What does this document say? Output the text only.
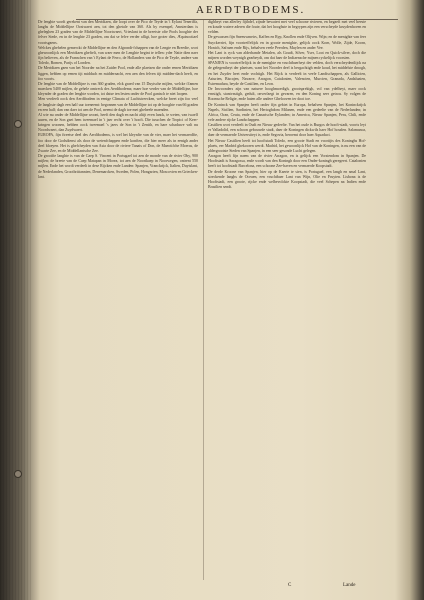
AERDTBODEMS.
De lenghte wordt gerekent van den Meridiaen, die loopt over de Pico de Teyde in 't Eylant Teneriffa, langhs de Middellijne Oostwaert aen, tot den ghetale van 360. Als by exempel, Amsterdam is gheleghen 23 graden van de Middellijne Noortwaert, Vrieslant in de breetste ofte Pools hooghte der felver Stede, en in de lenghte 23 graden, om dat se felve verder afligt, hoe groter dies, Æquinoctiael voortsgaens.
Welckes ghehelen gemerckt de Middellijne en den Afgrondt-fchappen van de Lengte en Breedte, wort ghewoonlijck een Meridiaen gheftelt, van waer men de Lenghte begint te tellen: yder Natie dien naer fijn believen, als de Franschen van 't Eylant de Ferro, de Hollanders van de Pico de Teyde, andere van Toledo, Romen, Parijs of Londen.
De Meridiaen gaen van het Noorder na het Zuider Pool, ende alle plaetsen die onder eenen Meridiaen liggen, hebben op eenen tijt middach en middernacht, een aen den felven tijt midden-dach heeft, en foo voorts.
De lenghte van de Middellijne is van 360 graden, elck graed van 15 Duytsche mijlen, welcke t'famen maecken 5400 mijlen, de gehele omtreck des Aerdtbodems; maer hoe verder van de Middellijne, hoe kleynder de graden der lenghte worden, tot datse ten lesten onder de Pool gantsch te niet loopen.
Men verdeelt oock den Aerdtbodem in eenige Climata of Luchtstreecken, welcke breet zijn foo veel de langhste dagh een half uur toeneemt: begonnen van de Middellijne tot op de hooghte van 66 graden en een half; dan van daer tot aen de Pool, neemt de dagh toe met gheheele maenden.
Al wie nu onder de Middellijne woont, heeft den dagh en nacht altijt even lanck, te weten, van twaelf uuren, en de Son gaet hem tweemael in 't jaer recht over 't hooft. Die tusschen de Tropici of Keer-kringen woonen, hebben oock tweemael 's jaers de Son in 't Zenith, en hare schaduwe valt nu Noordwaert, dan Zuydwaert.
EUROPA, fijn ftreetse deel des Aerdtbodems, is wel het kleynfte van de vier, maer het vermaerdfte, foo door de Godsdienst als door de wetenfchappen ende konften, die hier meer als in eenigh ander deel bloeyen. Het is ghefcheyden van Asia door de riviere Tanais of Don, de Maeotifche Moeras, de Zwarte Zee, en de Middellantsche Zee.
De grootfte langhte is van de Caep S. Vincent in Portugael tot aen de monde van de rivier Oby, 900 mijlen; de breete van de Caep Matapan in Morea, tot aen de Noortkaep in Noorwegen, ontrent 550 mijlen. Ende het wordt verdeelt in dese Rijcken ende Landen: Spanjen, Vranckrijck, Italien, Duytslant, de Nederlanden, Grootbrittannien, Denemarcken, Sweden, Polen, Hongarien, Moscovien en Griecken-lant.
dighheyt van allerley fijthdel, zijnde bewatert met veel schoone rivieren, en begaeft met veel beeste en koude watere aderen die foute, dat het hooghste in begrypen zijn een verscheyde kruydenhoven en velden.
De gewassen fijn Sneeuwmeirs, Kaffen en Ryp, Knollen ende Olijven. Wijn; en de menighte van feer Suyckerriet, fijn voortreffelijck en in groote menighte, gelijck oock Korn, Wolle, Zijde, Koorn, Honich, Safraen ende Rijs, behalven veele Peerden, Muylen en ander Vee.
Het Lant is ryck van alderhande Metalen, als Goudt, Silver, Yser, Loot en Quick-silver, doch die mijnen worden weynigh gearbeydt, om dat haer de Indiaensche mijnen ryckelijck voorsien.
SPANJEN is voortreffelijck in de menighte en vruchtbaerheyt der velden, doch verscheydentlijck na de gelegentheyt der plaetsen, want het Noorder deel is bergachtigh ende koud, het middelste droogh, en het Zuyder heet ende vochtigh. Het Rijck is verdeelt in veele Landtschappen, als Gallicien, Asturien, Biscajen, Navarre, Arragon, Catalonien, Valencien, Murcien, Granada, Andaluzien, Estremadura, beyde de Castilien, en Leon.
De Inwoonders zijn van natuere hooghmoedigh, grootsprekigh, vol van ydelheyt, maer oock ernstigh, stantvastigh, gedult, onverfaegt in gevaren, en den Koning seer getrou. Sy volgen de Roomsche Religie, ende haten alle andere Ghelooven ter doot toe.
De Koninck van Spanjen heeft onder fijn gebiet in Europa, behalven Spanjen, het Koninckrijck Napels, Sicilien, Sardinien, het Hertoghdom Milanen, ende een gedeelte van de Nederlanden; in Africa, Oran, Ceuta, ende de Canarische Eylanden; in America, Nieuw Spanjen, Peru, Chili, ende vele andere rijcke Landschappen.
Castilien wort verdeelt in Oudt en Nieuw gedeelte. Van het oude is Burgos de hooft-stadt, voorts leyt er Valladolid, een schoon gebouwde stadt, daer de Koningen dickwils haer Hof houden. Salamanca, daer de vermaerde Universiteyt is, ende Segovia, beroemt door haer Aquaduct.
Het Nieuw Castilien heeft tot hooftstadt Toledo, een groote Stadt en voortijts des Koninghs Hof-plaets, eer Madrid ghekooren werdt. Madrid, het gewoonlijck Hof van de Koningen, is nu een van de aldergrootste Steden van Spanjen, in een seer gesonde Lucht gelegen.
Arragon heeft fijn naem van de rivier Arragon, en is gelijck een Vorstendom in Spanjen. De Hooftstadt is Saragossa, ende wordt van den Koningh door een Onder-koningh geregeert. Catalonien heeft tot hooftstadt Barcelona, een schoone Zee-haven en vermaerde Koopstadt.
De derde Kroone van Spanjen, hier op de Kaerte te sien, is Portugael, een langh en smal Lant, streckende langhs de Oceaen, een vruchtbaer Lant van Wijn, Olie en Fruyten. Lisbona is de Hooftstadt, een groote, rijcke ende welbevolckte Koopstadt, die veel Schepen na Indien ende Brasilien sendt.
C	Lande
